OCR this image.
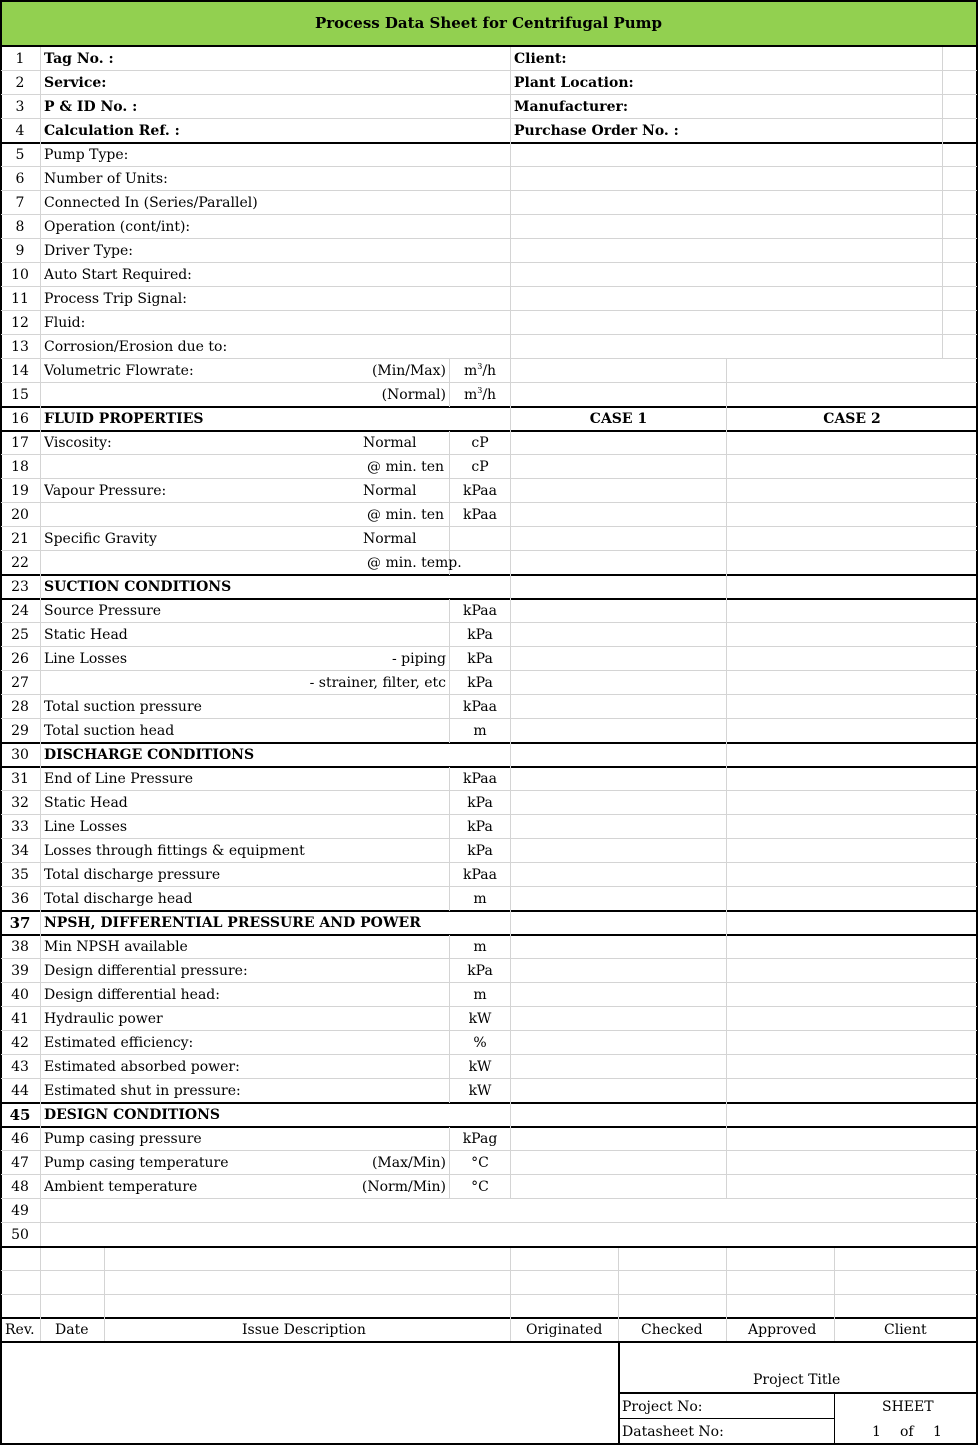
Process Data Sheet for Centrifugal Pump
1	Tag No. :	Client:
2	Service:	Plant Location:
3	P & ID No. :	Manufacturer:
4	Calculation Ref. :	Purchase Order No. :
5	Pump Type:
6	Number of Units:
7	Connected In (Series/Parallel)
8	Operation (cont/int):
9	Driver Type:
10	Auto Start Required:
11	Process Trip Signal:
12	Fluid:
13	Corrosion/Erosion due to:
14	Volumetric Flowrate:	(Min/Max)	$m^3/h$
15	(Normal)	$m^3/h$
16	FLUID PROPERTIES	CASE 1	CASE 2
17	Viscosity:	Normal	cP
18	@ min. ten	cP
19	Vapour Pressure:	Normal	kPaa
20	@ min. ten	kPaa
21	Specific Gravity	Normal
22	@ min. temp.
23	SUCTION CONDITIONS
24	Source Pressure	kPaa
25	Static Head	kPa
26	Line Losses	- piping	kPa
27	- strainer, filter, etc	kPa
28	Total suction pressure	kPaa
29	Total suction head	m
30	DISCHARGE CONDITIONS
31	End of Line Pressure	kPaa
32	Static Head	kPa
33	Line Losses	kPa
34	Losses through fittings & equipment	kPa
35	Total discharge pressure	kPaa
36	Total discharge head	m
37 NPSH, DIFFERENTIAL PRESSURE AND POWER
38	Min NPSH available	m
39	Design differential pressure:	kPa
40	Design differential head:	m
41	Hydraulic power	kW
42	Estimated efficiency:	%
43	Estimated absorbed power:	kW
44	Estimated shut in pressure:	kW
45 DESIGN CONDITIONS
46	Pump casing pressure	kPag
47	Pump casing temperature	(Max/Min)	°C
48	Ambient temperature	(Norm/Min)	°C
49
50
Rev. Date	Issue Description	Originated	Checked	Approved	Client
Project Title
Project No:
Datasheet No:
SHEET
1 of 1
